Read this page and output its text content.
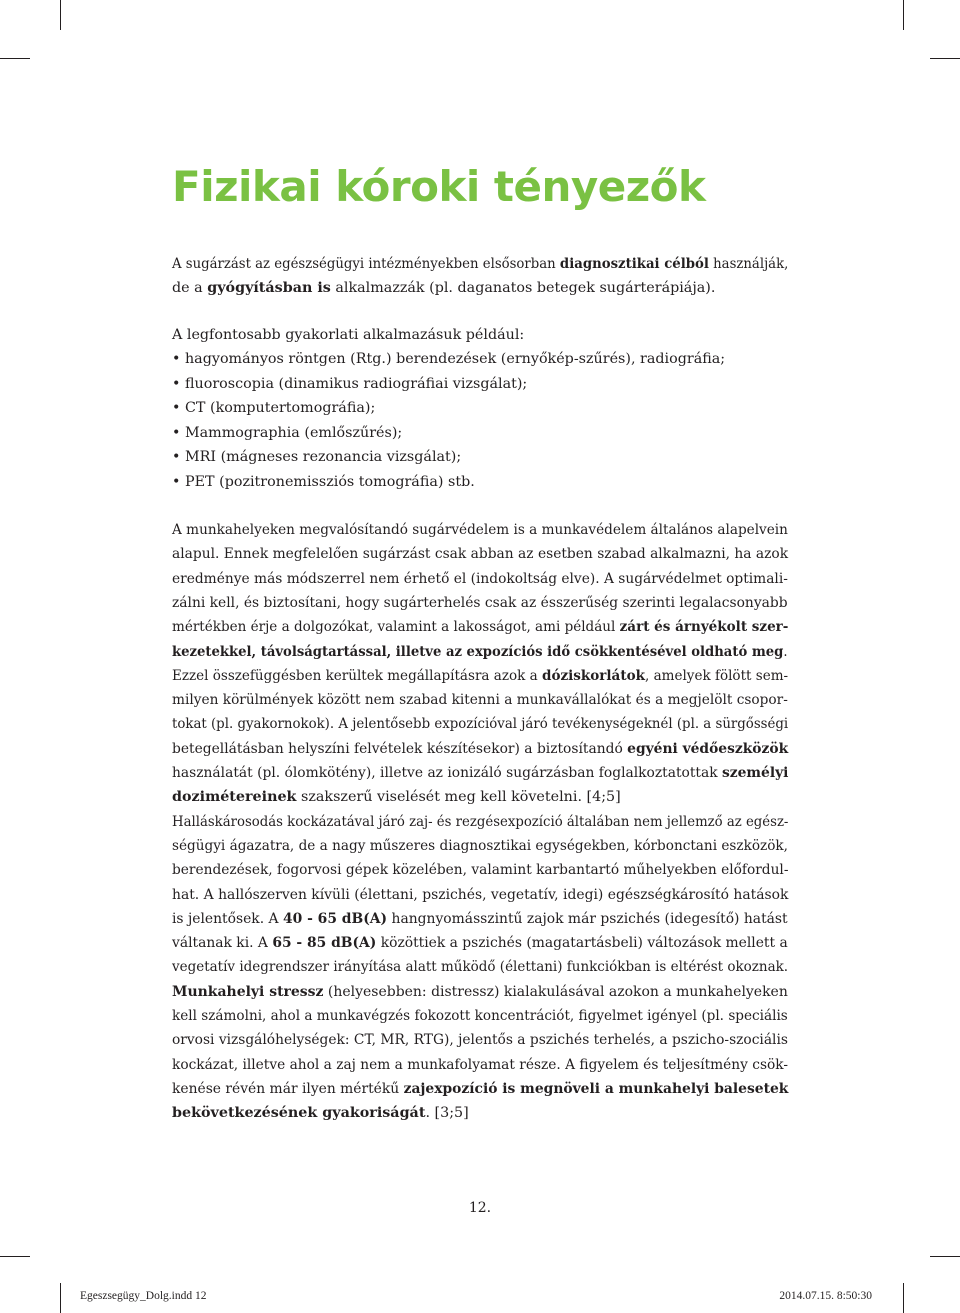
Fizikai kóroki tényezők
A sugárzást az egészségügyi intézményekben elsősorban diagnosztikai célból használják,
de a gyógyításban is alkalmazzák (pl. daganatos betegek sugárterápiája).
A legfontosabb gyakorlati alkalmazásuk például:
• hagyományos röntgen (Rtg.) berendezések (ernyőkép-szűrés), radiográfia;
• fluoroscopia (dinamikus radiográfiai vizsgálat);
• CT (komputertomográfia);
• Mammographia (emlőszűrés);
• MRI (mágneses rezonancia vizsgálat);
• PET (pozitronemissziós tomográfia) stb.
A munkahelyeken megvalósítandó sugárvédelem is a munkavédelem általános alapelvein
alapul. Ennek megfelelően sugárzást csak abban az esetben szabad alkalmazni, ha azok
eredménye más módszerrel nem érhető el (indokoltság elve). A sugárvédelmet optimali-
zálni kell, és biztosítani, hogy sugárterhelés csak az ésszerűség szerinti legalacsonyabb
mértékben érje a dolgozókat, valamint a lakosságot, ami például zárt és árnyékolt szer-
kezetekkel, távolságtartással, illetve az expozíciós idő csökkentésével oldható meg.
Ezzel összefüggésben kerültek megállapításra azok a dóziskorlátok, amelyek fölött sem-
milyen körülmények között nem szabad kitenni a munkavállalókat és a megjelölt csopor-
tokat (pl. gyakornokok). A jelentősebb expozícióval járó tevékenységeknél (pl. a sürgősségi
betegellátásban helyszíni felvételek készítésekor) a biztosítandó egyéni védőeszközök
használatát (pl. ólomkötény), illetve az ionizáló sugárzásban foglalkoztatottak személyi
dozimétereinek szakszerű viselését meg kell követelni. [4;5]
Halláskárosodás kockázatával járó zaj- és rezgésexpozíció általában nem jellemző az egész-
ségügyi ágazatra, de a nagy műszeres diagnosztikai egységekben, kórbonctani eszközök,
berendezések, fogorvosi gépek közelében, valamint karbantartó műhelyekben előfordul-
hat. A hallószerven kívüli (élettani, pszichés, vegetatív, idegi) egészségkárosító hatások
is jelentősek. A 40 - 65 dB(A) hangnyomásszintű zajok már pszichés (idegesítő) hatást
váltanak ki. A 65 - 85 dB(A) közöttiek a pszichés (magatartásbeli) változások mellett a
vegetatív idegrendszer irányítása alatt működő (élettani) funkciókban is eltérést okoznak.
Munkahelyi stressz (helyesebben: distressz) kialakulásával azokon a munkahelyeken
kell számolni, ahol a munkavégzés fokozott koncentrációt, figyelmet igényel (pl. speciális
orvosi vizsgálóhelységek: CT, MR, RTG), jelentős a pszichés terhelés, a pszicho-szociális
kockázat, illetve ahol a zaj nem a munkafolyamat része. A figyelem és teljesítmény csök-
kenése révén már ilyen mértékű zajexpozíció is megnöveli a munkahelyi balesetek
bekövetkezésének gyakoriságát. [3;5]
12.
Egeszsegügy_Dolg.indd 12	2014.07.15. 8:50:30
